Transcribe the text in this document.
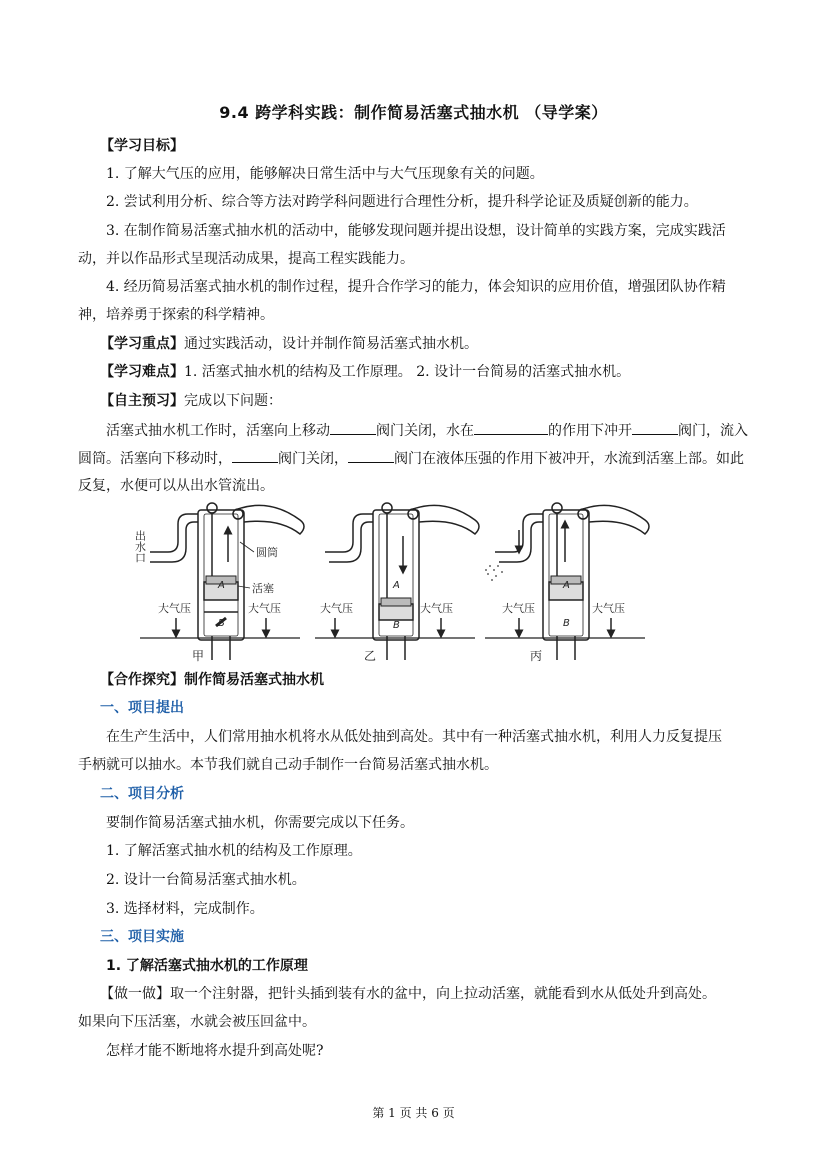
9.4 跨学科实践：制作简易活塞式抽水机 （导学案）
【学习目标】
1. 了解大气压的应用，能够解决日常生活中与大气压现象有关的问题。
2. 尝试利用分析、综合等方法对跨学科问题进行合理性分析，提升科学论证及质疑创新的能力。
3. 在制作简易活塞式抽水机的活动中，能够发现问题并提出设想，设计简单的实践方案，完成实践活
动，并以作品形式呈现活动成果，提高工程实践能力。
4. 经历简易活塞式抽水机的制作过程，提升合作学习的能力，体会知识的应用价值，增强团队协作精
神，培养勇于探索的科学精神。
【学习重点】通过实践活动，设计并制作简易活塞式抽水机。
【学习难点】1. 活塞式抽水机的结构及工作原理。 2. 设计一台简易的活塞式抽水机。
【自主预习】完成以下问题：
活塞式抽水机工作时，活塞向上移动	阀门关闭，水在	的作用下冲开	阀门，流入
圆筒。活塞向下移动时，	阀门关闭，	阀门在液体压强的作用下被冲开，水流到活塞上部。如此
反复，水便可以从出水管流出。
出水口	圆筒
活塞
大气压	大气压
A
B
甲
大气压	大气压
A
B
乙
大气压	大气压
A
B
丙
【合作探究】制作简易活塞式抽水机
一、项目提出
在生产生活中，人们常用抽水机将水从低处抽到高处。其中有一种活塞式抽水机，利用人力反复提压
手柄就可以抽水。本节我们就自己动手制作一台简易活塞式抽水机。
二、项目分析
要制作简易活塞式抽水机，你需要完成以下任务。
1. 了解活塞式抽水机的结构及工作原理。
2. 设计一台简易活塞式抽水机。
3. 选择材料，完成制作。
三、项目实施
1. 了解活塞式抽水机的工作原理
【做一做】取一个注射器，把针头插到装有水的盆中，向上拉动活塞，就能看到水从低处升到高处。
如果向下压活塞，水就会被压回盆中。
怎样才能不断地将水提升到高处呢?
第 1 页 共 6 页
